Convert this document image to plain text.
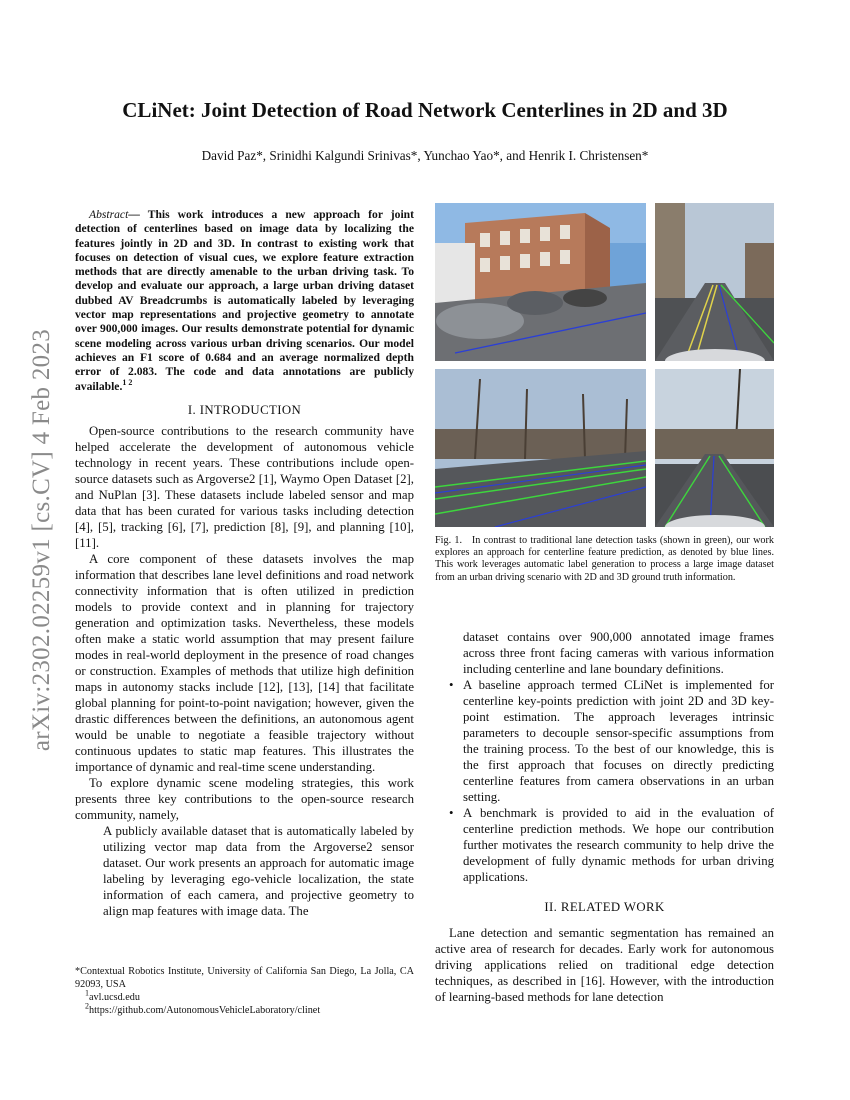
arXiv:2302.02259v1 [cs.CV] 4 Feb 2023
CLiNet: Joint Detection of Road Network Centerlines in 2D and 3D
David Paz*, Srinidhi Kalgundi Srinivas*, Yunchao Yao*, and Henrik I. Christensen*

Abstract— This work introduces a new approach for joint detection of centerlines based on image data by localizing the features jointly in 2D and 3D. In contrast to existing work that focuses on detection of visual cues, we explore feature extraction methods that are directly amenable to the urban driving task. To develop and evaluate our approach, a large urban driving dataset dubbed AV Breadcrumbs is automatically labeled by leveraging vector map representations and projective geometry to annotate over 900,000 images. Our results demonstrate potential for dynamic scene modeling across various urban driving scenarios. Our model achieves an F1 score of 0.684 and an average normalized depth error of 2.083. The code and data annotations are publicly available.$^{1 2}$

I. INTRODUCTION

Open-source contributions to the research community have helped accelerate the development of autonomous vehicle technology in recent years. These contributions include open-source datasets such as Argoverse2 [1], Waymo Open Dataset [2], and NuPlan [3]. These datasets include labeled sensor and map data that has been curated for various tasks including detection [4], [5], tracking [6], [7], prediction [8], [9], and planning [10], [11].

A core component of these datasets involves the map information that describes lane level definitions and road network connectivity information that is often utilized in prediction models to provide context and in planning for trajectory generation and optimization tasks. Nevertheless, these models often make a static world assumption that may present failure modes in real-world deployment in the presence of road changes or construction. Examples of methods that utilize high definition maps in autonomy stacks include [12], [13], [14] that facilitate global planning for point-to-point navigation; however, given the drastic differences between the definitions, an autonomous agent would be unable to negotiate a feasible trajectory without continuous updates to static map features. This illustrates the importance of dynamic and real-time scene understanding.

To explore dynamic scene modeling strategies, this work presents three key contributions to the open-source research community, namely,

A publicly available dataset that is automatically labeled by utilizing vector map data from the Argoverse2 sensor dataset. Our work presents an approach for automatic image labeling by leveraging ego-vehicle localization, the state information of each camera, and projective geometry to align map features with image data. The

*Contextual Robotics Institute, University of California San Diego, La Jolla, CA 92093, USA

$^1$avl.ucsd.edu

$^2$https://github.com/AutonomousVehicleLaboratory/clinet

Fig. 1. In contrast to traditional lane detection tasks (shown in green), our work explores an approach for centerline feature prediction, as denoted by blue lines. This work leverages automatic label generation to process a large image dataset from an urban driving scenario with 2D and 3D ground truth information.
dataset contains over 900,000 annotated image frames across three front facing cameras with various information including centerline and lane boundary definitions.
• A baseline approach termed CLiNet is implemented for centerline key-points prediction with joint 2D and 3D key-point estimation. The approach leverages intrinsic parameters to decouple sensor-specific assumptions from the training process. To the best of our knowledge, this is the first approach that focuses on directly predicting centerline features from camera observations in an urban setting.
• A benchmark is provided to aid in the evaluation of centerline prediction methods. We hope our contribution further motivates the research community to help drive the development of fully dynamic methods for urban driving applications.

II. RELATED WORK

Lane detection and semantic segmentation has remained an active area of research for decades. Early work for autonomous driving applications relied on traditional edge detection techniques, as described in [16]. However, with the introduction of learning-based methods for lane detection
